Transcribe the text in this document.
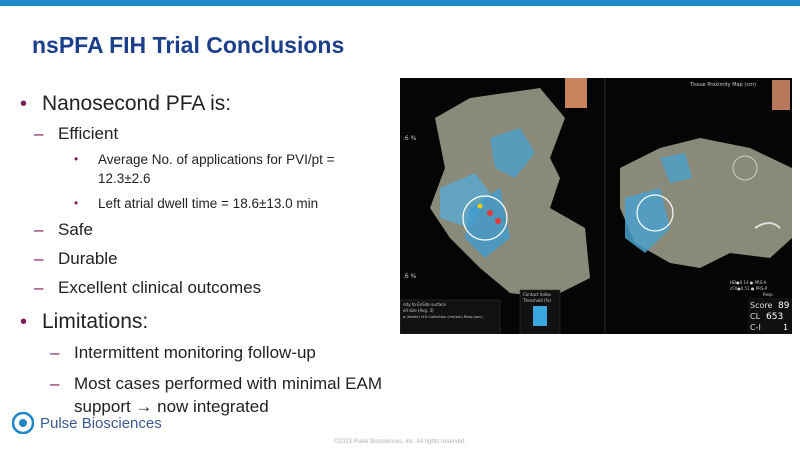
nsPFA FIH Trial Conclusions
• Nanosecond PFA is:
– Efficient
•	Average No. of applications for PVI/pt =
12.3±2.6
•	Left atrial dwell time = 18.6±13.0 min
– Safe
– Durable
– Excellent clinical outcomes
• Limitations:
– Intermittent monitoring follow-up
– Most cases performed with minimal EAM
support → now integrated
Tissue Proximity Map (cm)
.6 %
.6 %
nity to EnSite surface
ell size (Avg. 3)
p (levels) cFX Collection (cm/sec) Resp (sec)
Contact Index
Threshold (%)
HD●0.14 ● PRS-A
cFX●0.51 ● PRS-P
Resp
Score 89
CL 653
C-I	1
Pulse Biosciences
©2023 Pulse Biosciences, Inc. All rights reserved.
